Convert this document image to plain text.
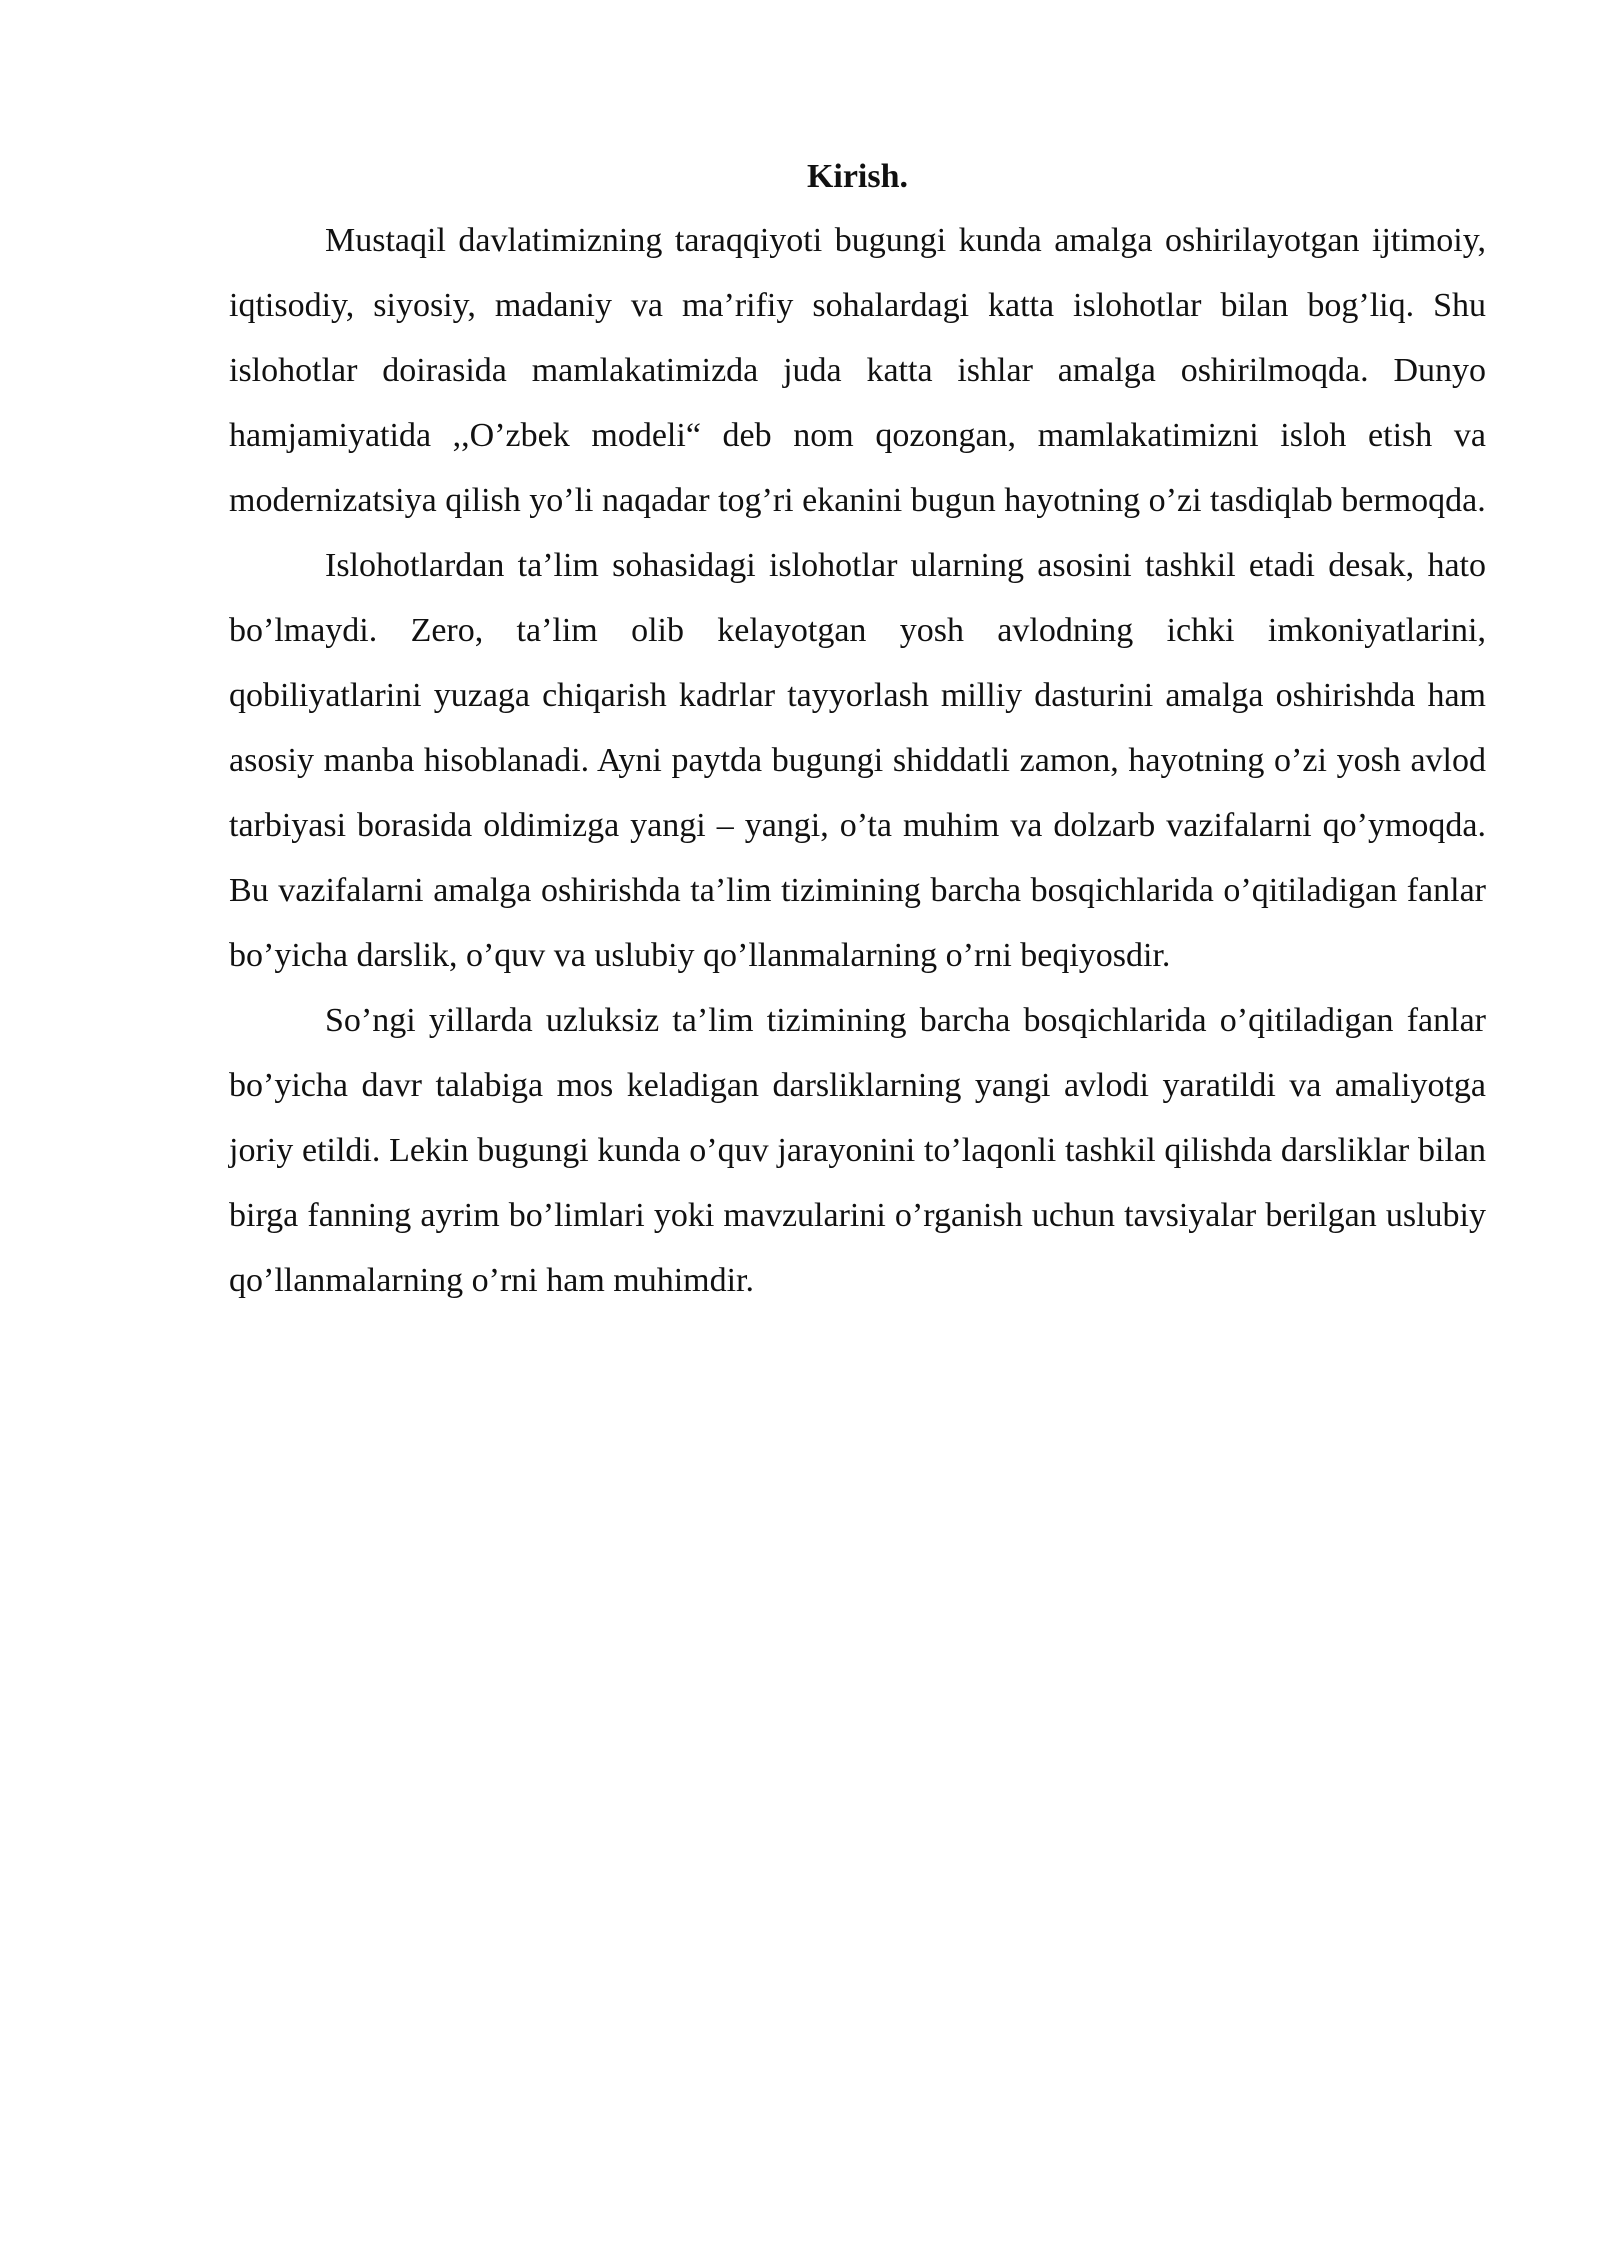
Kirish.

Mustaqil davlatimizning taraqqiyoti bugungi kunda amalga oshirilayotgan ijtimoiy, iqtisodiy, siyosiy, madaniy va ma’rifiy sohalardagi katta islohotlar bilan bog’liq. Shu islohotlar doirasida mamlakatimizda juda katta ishlar amalga oshirilmoqda. Dunyo hamjamiyatida ,,O’zbek modeli“ deb nom qozongan, mamlakatimizni isloh etish va modernizatsiya qilish yo’li naqadar tog’ri ekanini bugun hayotning o’zi tasdiqlab bermoqda.

Islohotlardan ta’lim sohasidagi islohotlar ularning asosini tashkil etadi desak, hato bo’lmaydi. Zero, ta’lim olib kelayotgan yosh avlodning ichki imkoniyatlarini, qobiliyatlarini yuzaga chiqarish kadrlar tayyorlash milliy dasturini amalga oshirishda ham asosiy manba hisoblanadi. Ayni paytda bugungi shiddatli zamon, hayotning o’zi yosh avlod tarbiyasi borasida oldimizga yangi – yangi, o’ta muhim va dolzarb vazifalarni qo’ymoqda. Bu vazifalarni amalga oshirishda ta’lim tizimining barcha bosqichlarida o’qitiladigan fanlar bo’yicha darslik, o’quv va uslubiy qo’llanmalarning o’rni beqiyosdir.

So’ngi yillarda uzluksiz ta’lim tizimining barcha bosqichlarida o’qitiladigan fanlar bo’yicha davr talabiga mos keladigan darsliklarning yangi avlodi yaratildi va amaliyotga joriy etildi. Lekin bugungi kunda o’quv jarayonini to’laqonli tashkil qilishda darsliklar bilan birga fanning ayrim bo’limlari yoki mavzularini o’rganish uchun tavsiyalar berilgan uslubiy qo’llanmalarning o’rni ham muhimdir.
